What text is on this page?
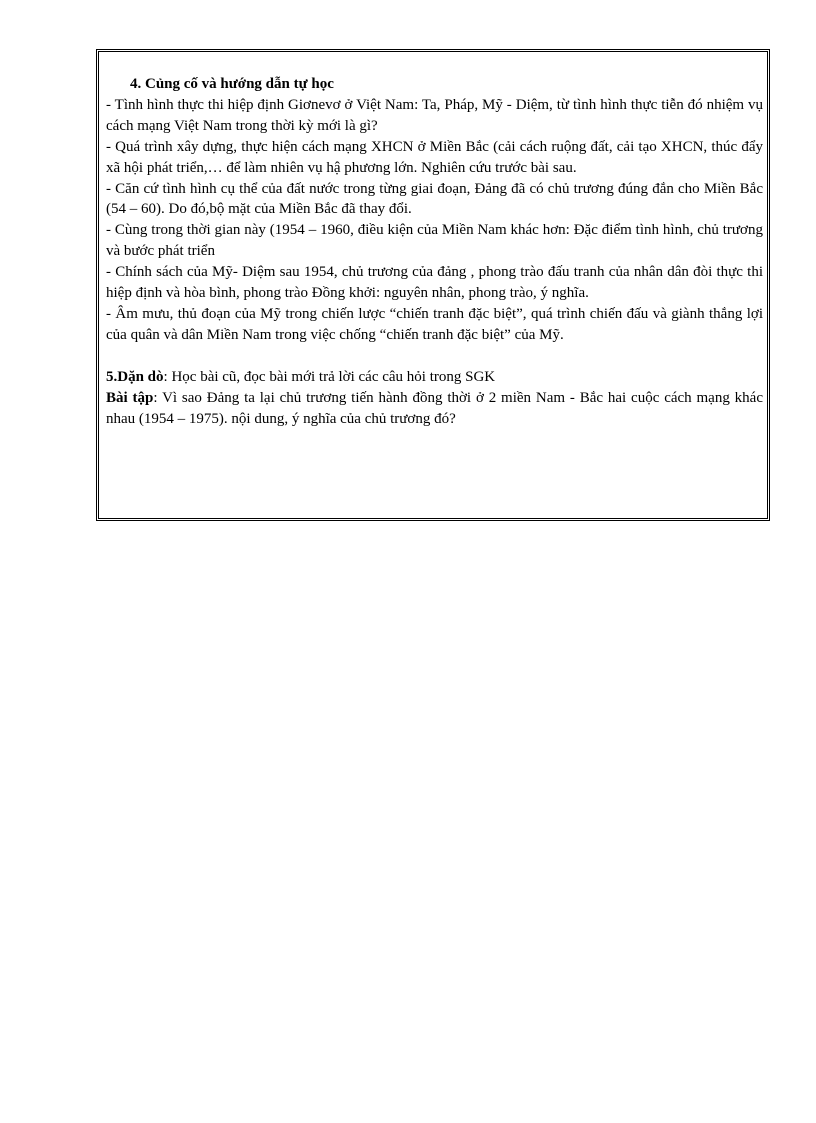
4. Củng cố và hướng dẫn tự học

- Tình hình thực thi hiệp định Giơnevơ ở Việt Nam: Ta, Pháp, Mỹ - Diệm, từ tình hình thực tiễn đó nhiệm vụ cách mạng Việt Nam trong thời kỳ mới là gì?

- Quá trình xây dựng, thực hiện cách mạng XHCN ở Miền Bắc (cải cách ruộng đất, cải tạo XHCN, thúc đẩy xã hội phát triển,… để làm nhiên vụ hậ phương lớn. Nghiên cứu trước bài sau.

- Căn cứ tình hình cụ thể của đất nước trong từng giai đoạn, Đảng đã có chủ trương đúng đắn cho Miền Bắc (54 – 60). Do đó,bộ mặt của Miền Bắc đã thay đổi.

- Cùng trong thời gian này (1954 – 1960, điều kiện của Miền Nam khác hơn: Đặc điểm tình hình, chủ trương và bước phát triển

- Chính sách của Mỹ- Diệm sau 1954, chủ trương của đảng , phong trào đấu tranh của nhân dân đòi thực thi hiệp định và hòa bình, phong trào Đồng khởi: nguyên nhân, phong trào, ý nghĩa.

- Âm mưu, thủ đoạn của Mỹ trong chiến lược “chiến tranh đặc biệt”, quá trình chiến đấu và giành thắng lợi của quân và dân Miền Nam trong việc chống “chiến tranh đặc biệt” của Mỹ.

5.Dặn dò: Học bài cũ, đọc bài mới trả lời các câu hỏi trong SGK

Bài tập: Vì sao Đảng ta lại chủ trương tiến hành đồng thời ở 2 miền Nam - Bắc hai cuộc cách mạng khác nhau (1954 – 1975). nội dung, ý nghĩa của chủ trương đó?
